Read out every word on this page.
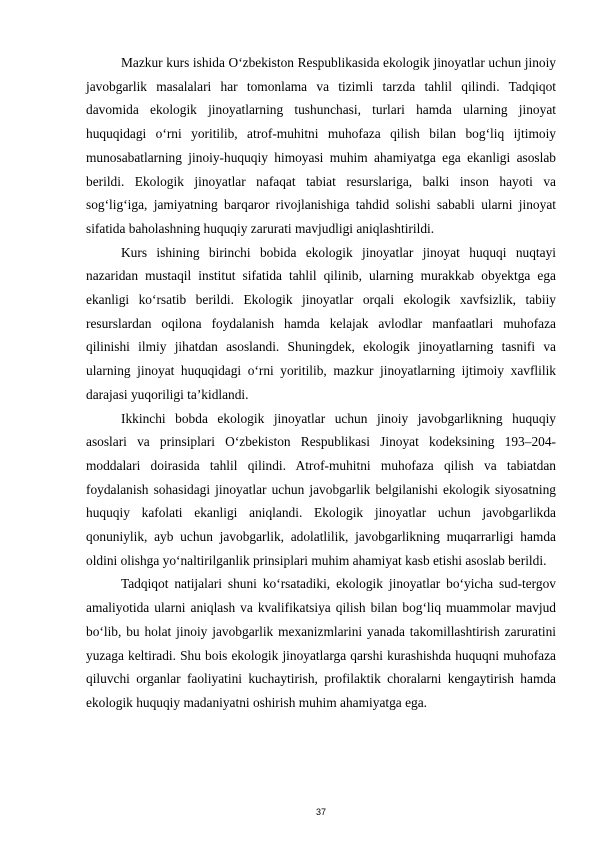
Mazkur kurs ishida O‘zbekiston Respublikasida ekologik jinoyatlar uchun jinoiy javobgarlik masalalari har tomonlama va tizimli tarzda tahlil qilindi. Tadqiqot davomida ekologik jinoyatlarning tushunchasi, turlari hamda ularning jinoyat huquqidagi o‘rni yoritilib, atrof-muhitni muhofaza qilish bilan bog‘liq ijtimoiy munosabatlarning jinoiy-huquqiy himoyasi muhim ahamiyatga ega ekanligi asoslab berildi. Ekologik jinoyatlar nafaqat tabiat resurslariga, balki inson hayoti va sog‘lig‘iga, jamiyatning barqaror rivojlanishiga tahdid solishi sababli ularni jinoyat sifatida baholashning huquqiy zarurati mavjudligi aniqlashtirildi.

Kurs ishining birinchi bobida ekologik jinoyatlar jinoyat huquqi nuqtayi nazaridan mustaqil institut sifatida tahlil qilinib, ularning murakkab obyektga ega ekanligi ko‘rsatib berildi. Ekologik jinoyatlar orqali ekologik xavfsizlik, tabiiy resurslardan oqilona foydalanish hamda kelajak avlodlar manfaatlari muhofaza qilinishi ilmiy jihatdan asoslandi. Shuningdek, ekologik jinoyatlarning tasnifi va ularning jinoyat huquqidagi o‘rni yoritilib, mazkur jinoyatlarning ijtimoiy xavflilik darajasi yuqoriligi ta’kidlandi.

Ikkinchi bobda ekologik jinoyatlar uchun jinoiy javobgarlikning huquqiy asoslari va prinsiplari O‘zbekiston Respublikasi Jinoyat kodeksining 193–204-moddalari doirasida tahlil qilindi. Atrof-muhitni muhofaza qilish va tabiatdan foydalanish sohasidagi jinoyatlar uchun javobgarlik belgilanishi ekologik siyosatning huquqiy kafolati ekanligi aniqlandi. Ekologik jinoyatlar uchun javobgarlikda qonuniylik, ayb uchun javobgarlik, adolatlilik, javobgarlikning muqarrarligi hamda oldini olishga yo‘naltirilganlik prinsiplari muhim ahamiyat kasb etishi asoslab berildi.

Tadqiqot natijalari shuni ko‘rsatadiki, ekologik jinoyatlar bo‘yicha sud-tergov amaliyotida ularni aniqlash va kvalifikatsiya qilish bilan bog‘liq muammolar mavjud bo‘lib, bu holat jinoiy javobgarlik mexanizmlarini yanada takomillashtirish zaruratini yuzaga keltiradi. Shu bois ekologik jinoyatlarga qarshi kurashishda huquqni muhofaza qiluvchi organlar faoliyatini kuchaytirish, profilaktik choralarni kengaytirish hamda ekologik huquqiy madaniyatni oshirish muhim ahamiyatga ega.

37
